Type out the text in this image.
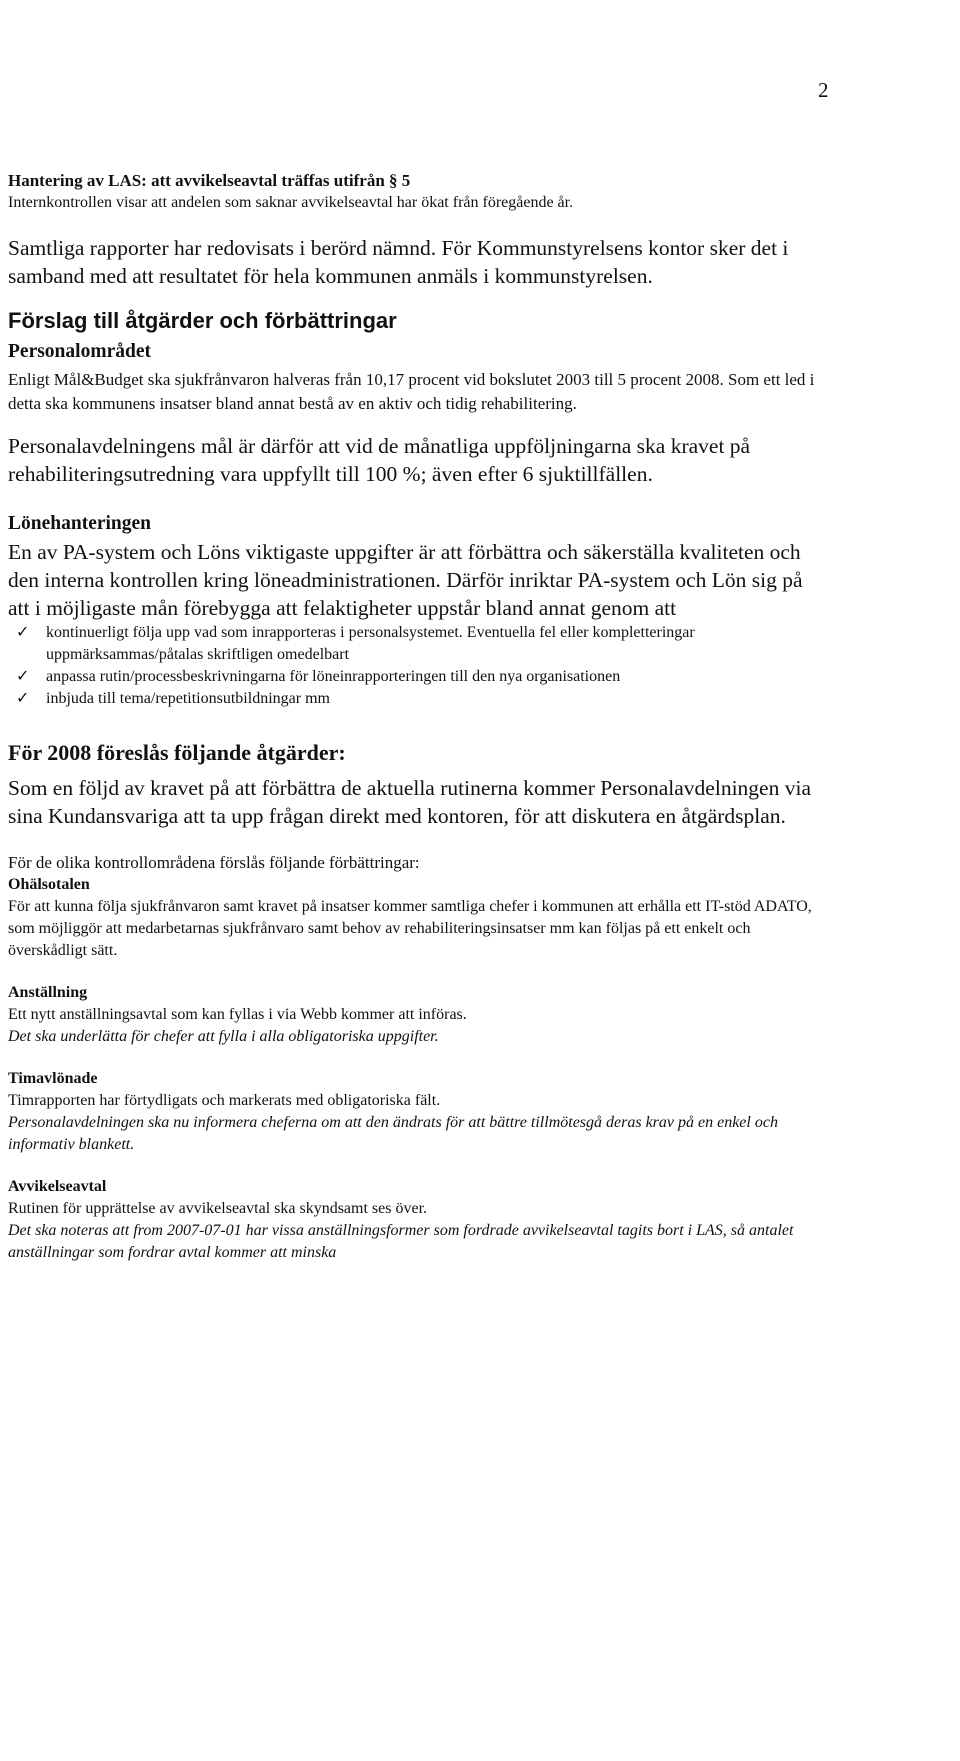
2

Hantering av LAS: att avvikelseavtal träffas utifrån § 5

Internkontrollen visar att andelen som saknar avvikelseavtal har ökat från föregående år.

Samtliga rapporter har redovisats i berörd nämnd. För Kommunstyrelsens kontor sker det i samband med att resultatet för hela kommunen anmäls i kommunstyrelsen.

Förslag till åtgärder och förbättringar

Personalområdet

Enligt Mål&Budget ska sjukfrånvaron halveras från 10,17 procent vid bokslutet 2003 till 5 procent 2008. Som ett led i detta ska kommunens insatser bland annat bestå av en aktiv och tidig rehabilitering.

Personalavdelningens mål är därför att vid de månatliga uppföljningarna ska kravet på rehabiliteringsutredning vara uppfyllt till 100 %; även efter 6 sjuktillfällen.

Lönehanteringen

En av PA-system och Löns viktigaste uppgifter är att förbättra och säkerställa kvaliteten och den interna kontrollen kring löneadministrationen. Därför inriktar PA-system och Lön sig på att i möjligaste mån förebygga att felaktigheter uppstår bland annat genom att

✓ kontinuerligt följa upp vad som inrapporteras i personalsystemet. Eventuella fel eller kompletteringar uppmärksammas/påtalas skriftligen omedelbart
✓ anpassa rutin/processbeskrivningarna för löneinrapporteringen till den nya organisationen
✓ inbjuda till tema/repetitionsutbildningar mm

För 2008 föreslås följande åtgärder:

Som en följd av kravet på att förbättra de aktuella rutinerna kommer Personalavdelningen via sina Kundansvariga att ta upp frågan direkt med kontoren, för att diskutera en åtgärdsplan.

För de olika kontrollområdena förslås följande förbättringar:

Ohälsotalen

För att kunna följa sjukfrånvaron samt kravet på insatser kommer samtliga chefer i kommunen att erhålla ett IT-stöd ADATO, som möjliggör att medarbetarnas sjukfrånvaro samt behov av rehabiliteringsinsatser mm kan följas på ett enkelt och överskådligt sätt.

Anställning

Ett nytt anställningsavtal som kan fyllas i via Webb kommer att införas.

Det ska underlätta för chefer att fylla i alla obligatoriska uppgifter.

Timavlönade

Timrapporten har förtydligats och markerats med obligatoriska fält.

Personalavdelningen ska nu informera cheferna om att den ändrats för att bättre tillmötesgå deras krav på en enkel och informativ blankett.

Avvikelseavtal

Rutinen för upprättelse av avvikelseavtal ska skyndsamt ses över.

Det ska noteras att from 2007-07-01 har vissa anställningsformer som fordrade avvikelseavtal tagits bort i LAS, så antalet anställningar som fordrar avtal kommer att minska
